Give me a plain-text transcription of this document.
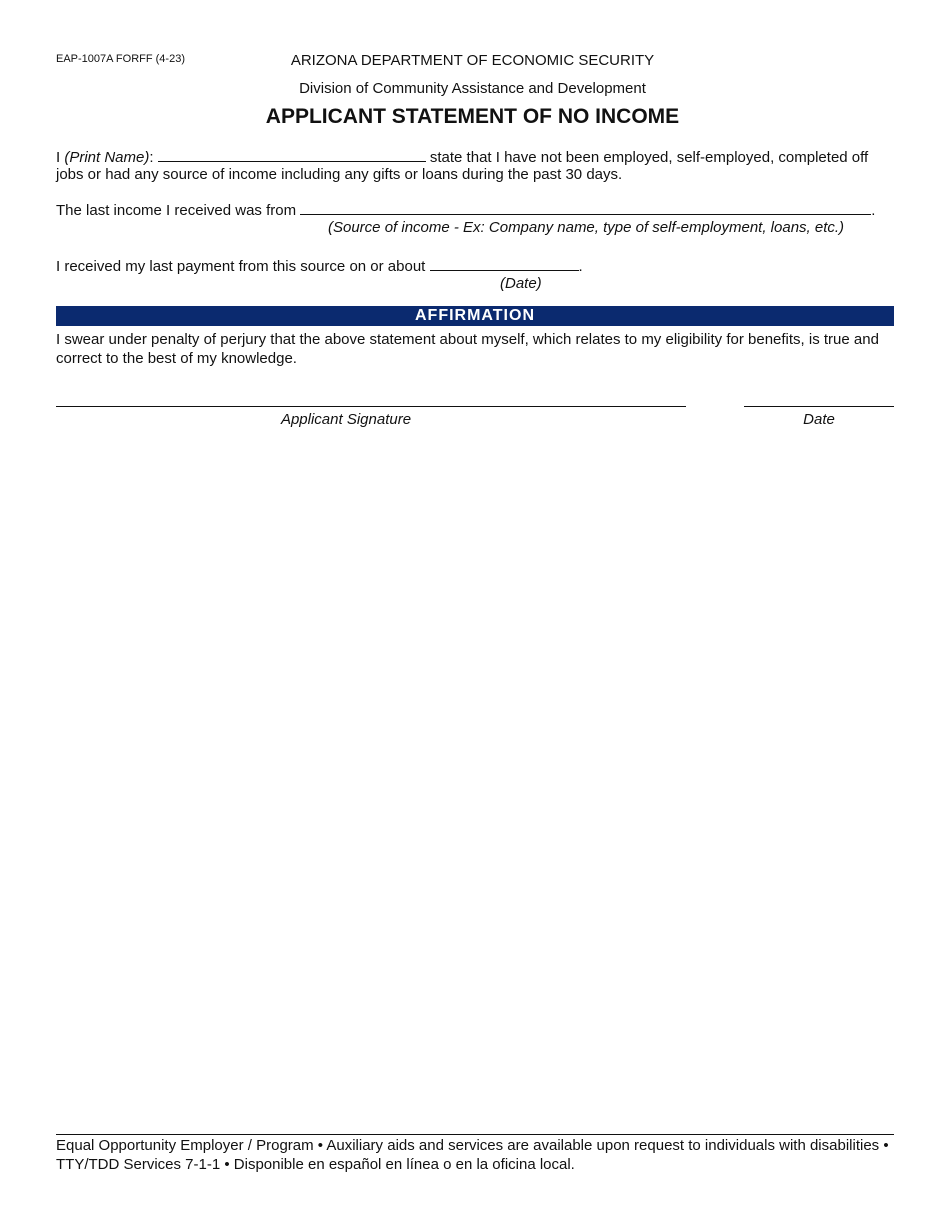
EAP-1007A FORFF (4-23)	ARIZONA DEPARTMENT OF ECONOMIC SECURITY
Division of Community Assistance and Development
APPLICANT STATEMENT OF NO INCOME
I (Print Name):	state that I have not been employed, self-employed, completed off
jobs or had any source of income including any gifts or loans during the past 30 days.
The last income I received was from	.
(Source of income - Ex: Company name, type of self-employment, loans, etc.)
I received my last payment from this source on or about	.
(Date)
AFFIRMATION
I swear under penalty of perjury that the above statement about myself, which relates to my eligibility for benefits, is true and correct to the best of my knowledge.
Applicant Signature	Date
Equal Opportunity Employer / Program • Auxiliary aids and services are available upon request to individuals with disabilities • TTY/TDD Services 7-1-1 • Disponible en español en línea o en la oficina local.
